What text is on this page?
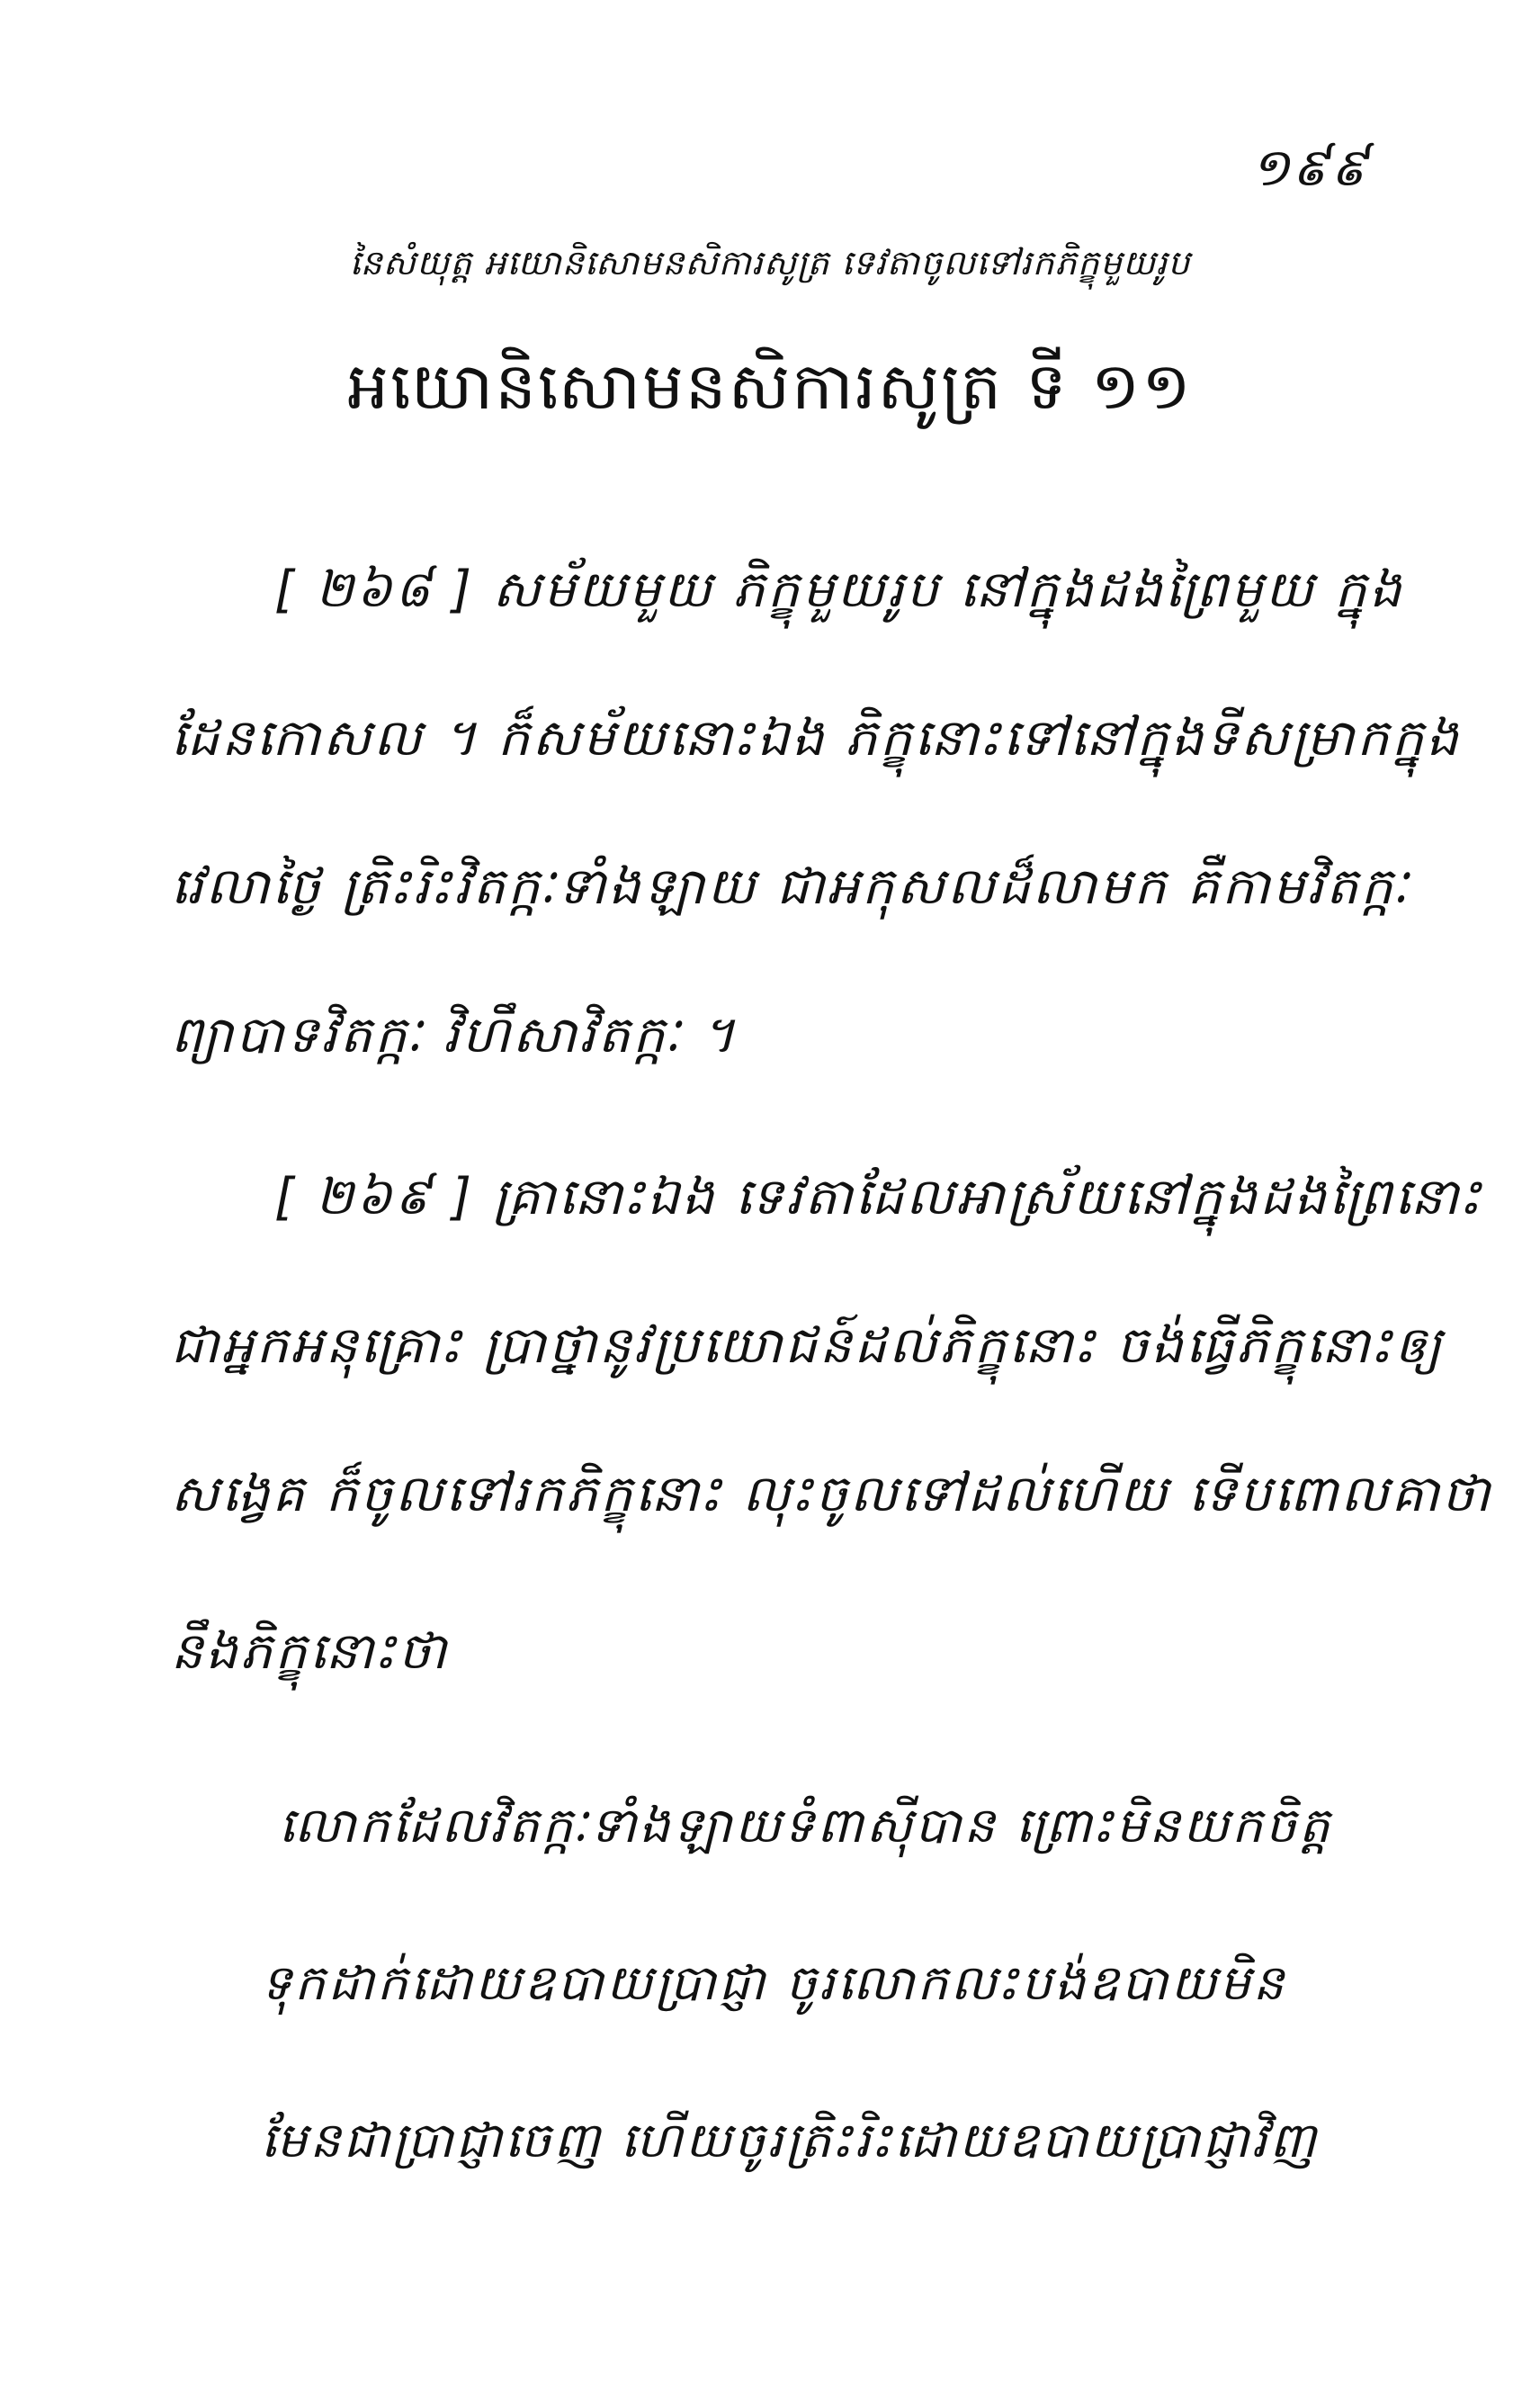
១៩៩
នៃសំយុត្ត អយោនិសោមនសិការសូត្រ ទេវតាចូលទៅរកភិក្ខុមួយរូប
អយោនិសោមនសិការសូត្រ ទី ១១
[ ២៦៨ ] សម័យមួយ ភិក្ខុមួយរូប នៅក្នុងដងព្រៃមួយ ក្នុង
ដែនកោសល ។ ក៏សម័យនោះឯង ភិក្ខុនោះទៅនៅក្នុងទីសម្រាកក្នុង
វេលាថ្ងៃ ត្រិះរិះវិតក្កៈទាំងឡាយ ជាអកុសលដ៏លាមក គឺកាមវិតក្កៈ
ព្យាបាទវិតក្កៈ វិហឹសាវិតក្កៈ ។
[ ២៦៩ ] គ្រានោះឯង ទេវតាដែលអាស្រ័យនៅក្នុងដងព្រៃនោះ
ជាអ្នកអនុគ្រោះ ប្រាថ្នានូវប្រយោជន៍ដល់ភិក្ខុនោះ ចង់ធ្វើភិក្ខុនោះឲ្យ
សង្វេគ ក៏ចូលទៅរកភិក្ខុនោះ លុះចូលទៅដល់ហើយ ទើបពោលគាថា
នឹងភិក្ខុនោះថា
លោកដែលវិតក្កៈទាំងឡាយទំពាស៊ីបាន ព្រោះមិនយកចិត្ត
ទុកដាក់ដោយឧបាយប្រាជ្ញា ចូរលោកលះបង់ឧបាយមិន
មែនជាប្រាជ្ញាចេញ ហើយចូរត្រិះរិះដោយឧបាយប្រាជ្ញាវិញ
